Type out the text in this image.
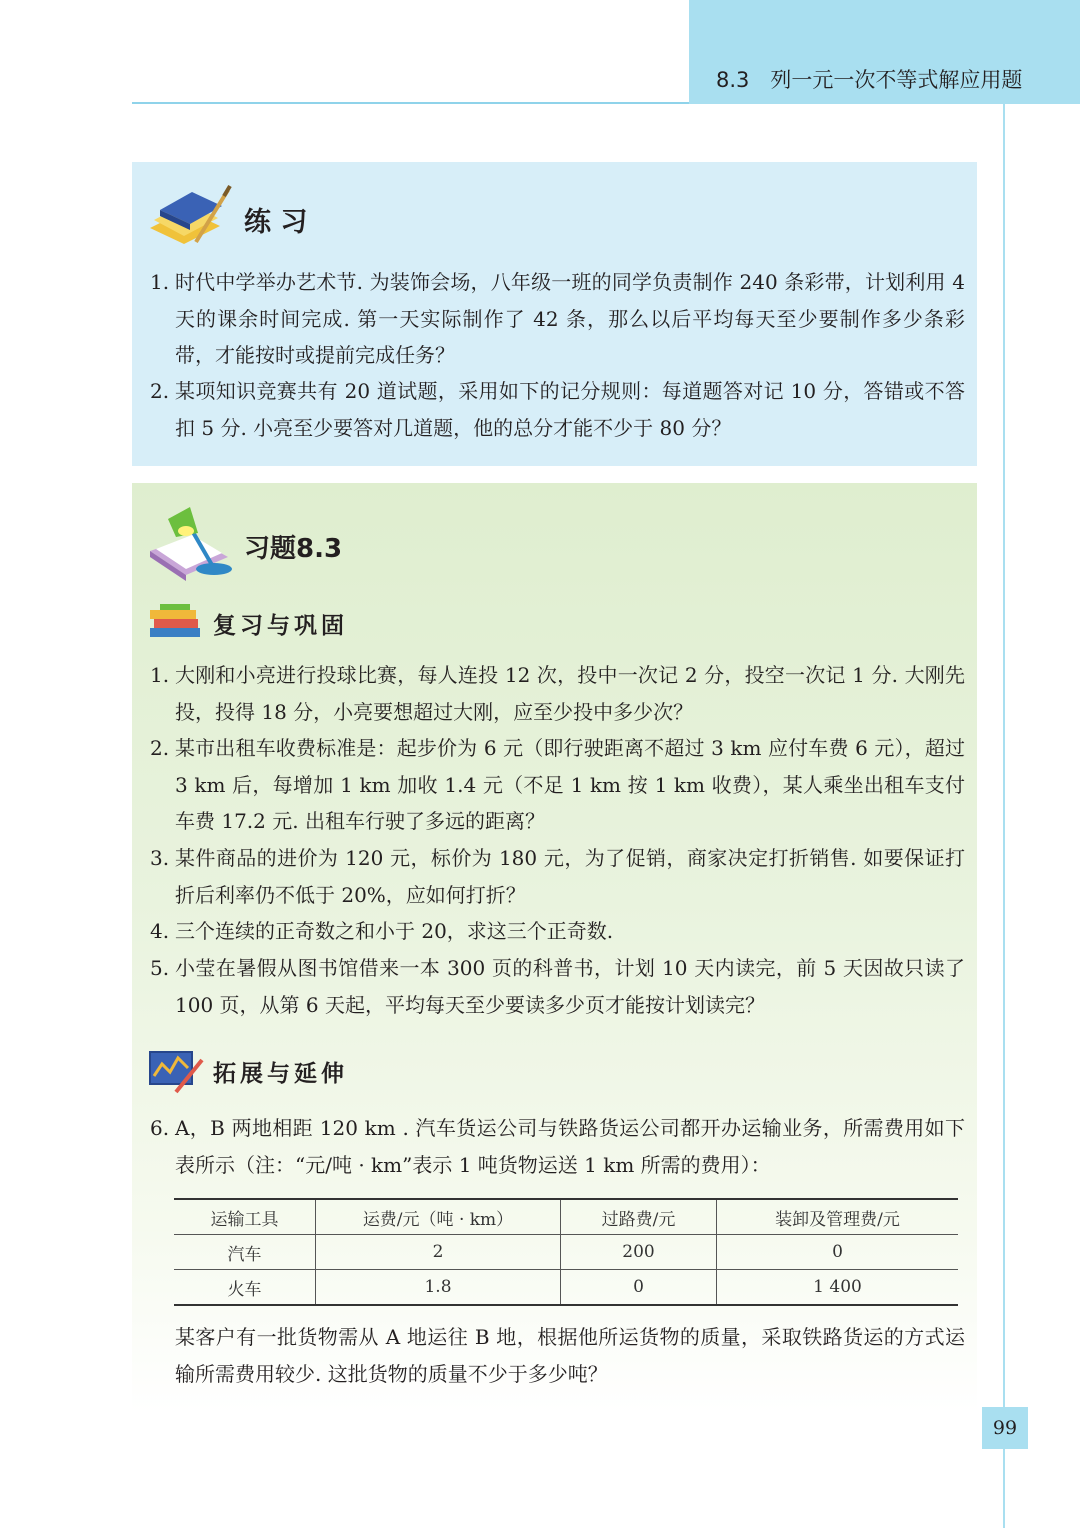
8.3　列一元一次不等式解应用题
练 习
1. 时代中学举办艺术节. 为装饰会场，八年级一班的同学负责制作 240 条彩带，计划利用 4 天的课余时间完成. 第一天实际制作了 42 条，那么以后平均每天至少要制作多少条彩带，才能按时或提前完成任务？
2. 某项知识竞赛共有 20 道试题，采用如下的记分规则：每道题答对记 10 分，答错或不答扣 5 分. 小亮至少要答对几道题，他的总分才能不少于 80 分？
习题8.3
复习与巩固
1. 大刚和小亮进行投球比赛，每人连投 12 次，投中一次记 2 分，投空一次记 1 分. 大刚先投，投得 18 分，小亮要想超过大刚，应至少投中多少次？
2. 某市出租车收费标准是：起步价为 6 元（即行驶距离不超过 3 km 应付车费 6 元），超过 3 km 后，每增加 1 km 加收 1.4 元（不足 1 km 按 1 km 收费），某人乘坐出租车支付车费 17.2 元. 出租车行驶了多远的距离？
3. 某件商品的进价为 120 元，标价为 180 元，为了促销，商家决定打折销售. 如要保证打折后利率仍不低于 20%，应如何打折？
4. 三个连续的正奇数之和小于 20，求这三个正奇数.
5. 小莹在暑假从图书馆借来一本 300 页的科普书，计划 10 天内读完，前 5 天因故只读了 100 页，从第 6 天起，平均每天至少要读多少页才能按计划读完？
拓展与延伸
6. A，B 两地相距 120 km . 汽车货运公司与铁路货运公司都开办运输业务，所需费用如下表所示（注：“元/吨 · km”表示 1 吨货物运送 1 km 所需的费用）：
运输工具	运费/元（吨 · km）	过路费/元	装卸及管理费/元
汽车	2	200	0
火车	1.8	0	1 400
某客户有一批货物需从 A 地运往 B 地，根据他所运货物的质量，采取铁路货运的方式运输所需费用较少. 这批货物的质量不少于多少吨？
99
